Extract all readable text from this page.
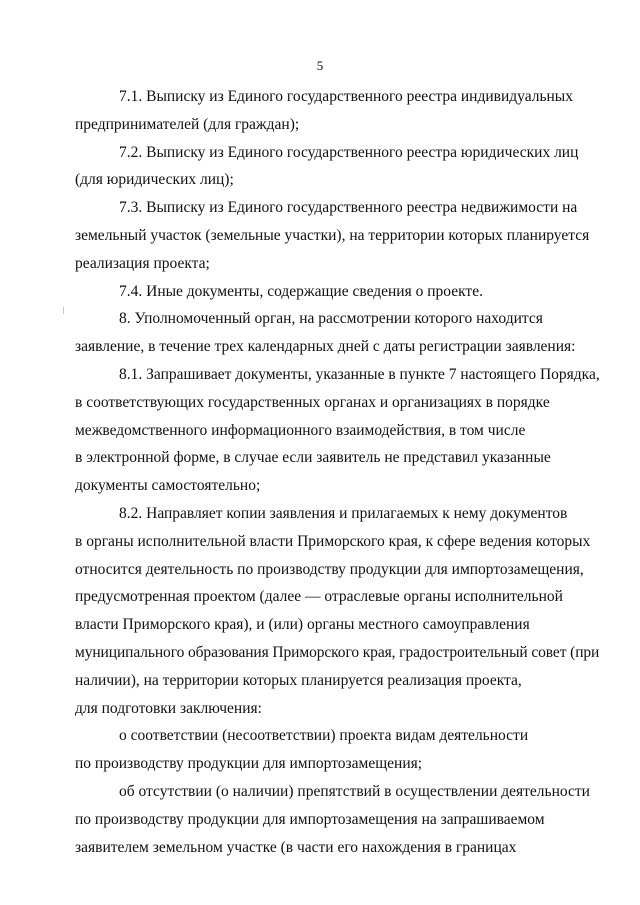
5
7.1. Выписку из Единого государственного реестра индивидуальных
предпринимателей (для граждан);
7.2. Выписку из Единого государственного реестра юридических лиц
(для юридических лиц);
7.3. Выписку из Единого государственного реестра недвижимости на
земельный участок (земельные участки), на территории которых планируется
реализация проекта;
7.4. Иные документы, содержащие сведения о проекте.
8. Уполномоченный орган, на рассмотрении которого находится
заявление, в течение трех календарных дней с даты регистрации заявления:
8.1. Запрашивает документы, указанные в пункте 7 настоящего Порядка,
в соответствующих государственных органах и организациях в порядке
межведомственного информационного взаимодействия, в том числе
в электронной форме, в случае если заявитель не представил указанные
документы самостоятельно;
8.2. Направляет копии заявления и прилагаемых к нему документов
в органы исполнительной власти Приморского края, к сфере ведения которых
относится деятельность по производству продукции для импортозамещения,
предусмотренная проектом (далее — отраслевые органы исполнительной
власти Приморского края), и (или) органы местного самоуправления
муниципального образования Приморского края, градостроительный совет (при
наличии), на территории которых планируется реализация проекта,
для подготовки заключения:
о соответствии (несоответствии) проекта видам деятельности
по производству продукции для импортозамещения;
об отсутствии (о наличии) препятствий в осуществлении деятельности
по производству продукции для импортозамещения на запрашиваемом
заявителем земельном участке (в части его нахождения в границах
